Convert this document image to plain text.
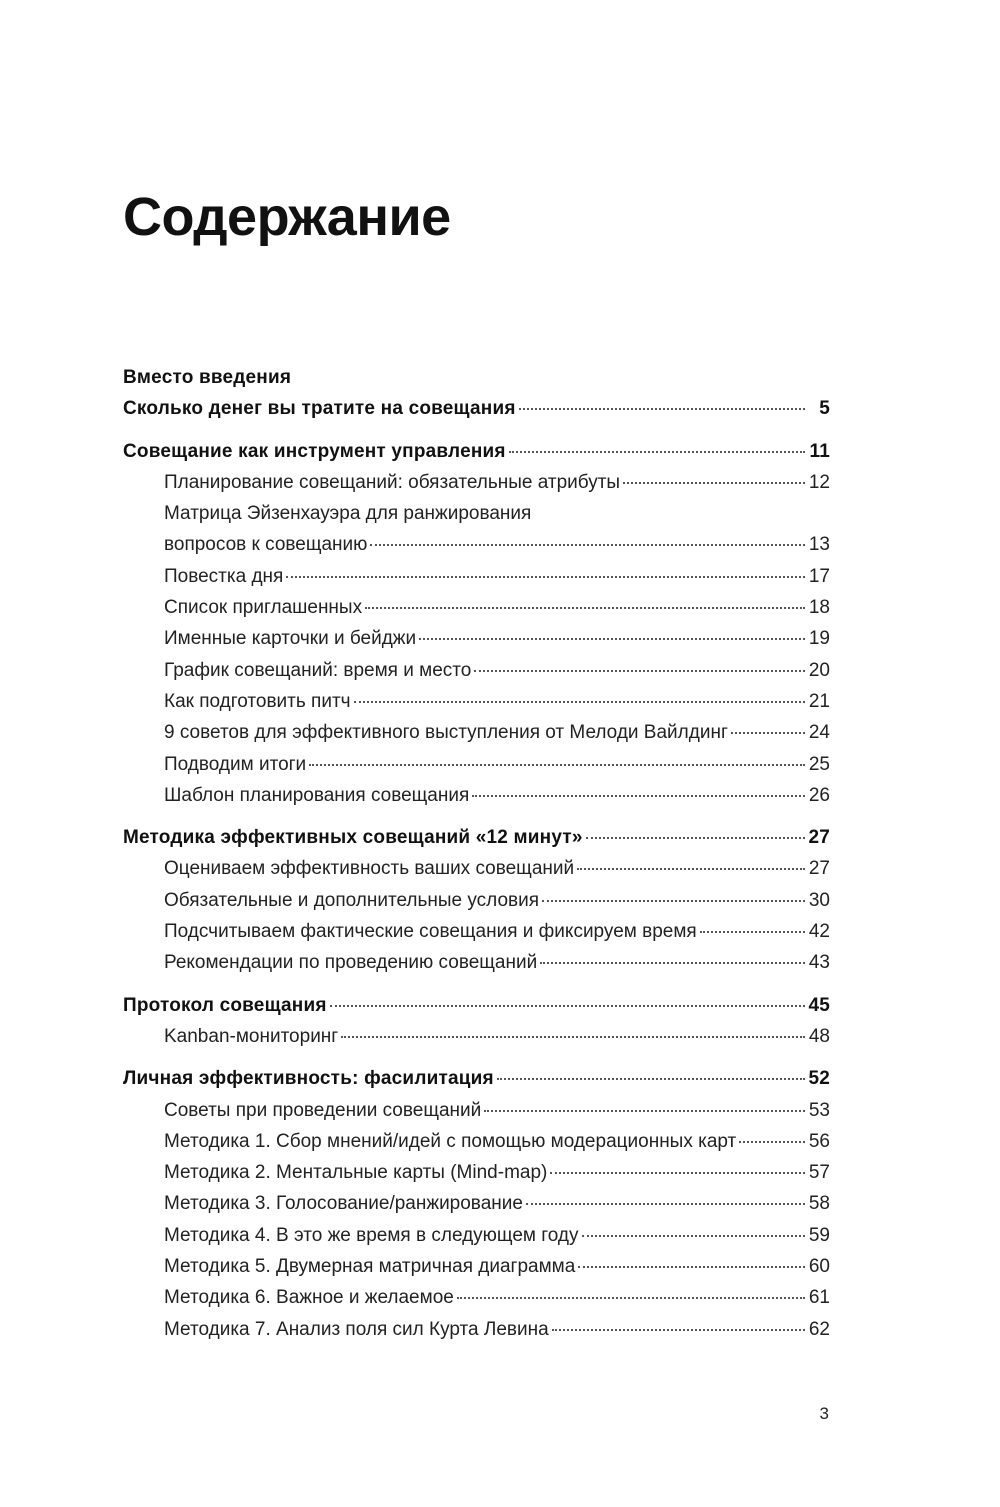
Содержание
Вместо введения
Сколько денег вы тратите на совещания	5
Совещание как инструмент управления	11
Планирование совещаний: обязательные атрибуты	12
Матрица Эйзенхауэра для ранжирования
вопросов к совещанию	13
Повестка дня	17
Список приглашенных	18
Именные карточки и бейджи	19
График совещаний: время и место	20
Как подготовить питч	21
9 советов для эффективного выступления от Мелоди Вайлдинг	24
Подводим итоги	25
Шаблон планирования совещания	26
Методика эффективных совещаний «12 минут»	27
Оцениваем эффективность ваших совещаний	27
Обязательные и дополнительные условия	30
Подсчитываем фактические совещания и фиксируем время	42
Рекомендации по проведению совещаний	43
Протокол совещания	45
Kanban-мониторинг	48
Личная эффективность: фасилитация	52
Советы при проведении совещаний	53
Методика 1. Сбор мнений/идей с помощью модерационных карт	56
Методика 2. Ментальные карты (Mind-map)	57
Методика 3. Голосование/ранжирование	58
Методика 4. В это же время в следующем году	59
Методика 5. Двумерная матричная диаграмма	60
Методика 6. Важное и желаемое	61
Методика 7. Анализ поля сил Курта Левина	62
3
